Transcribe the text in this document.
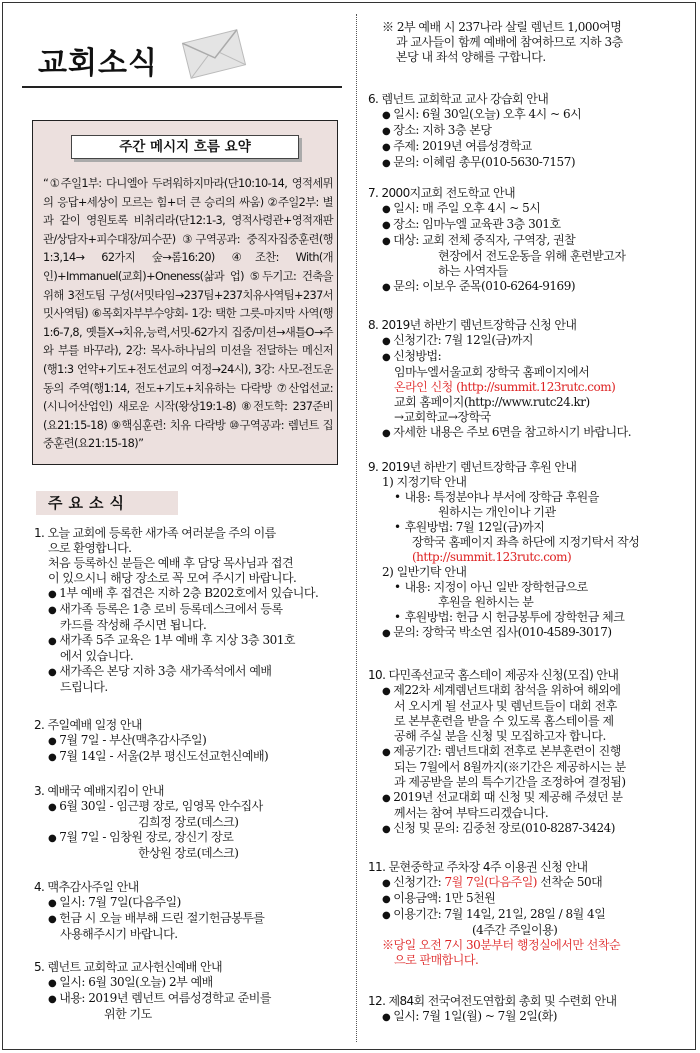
교회소식
주간 메시지 흐름 요약
“①주일1부: 다니엘아 두려워하지마라(단10:10-14, 영적세뮈의 응답+세상이 모르는 힘+더 큰 승리의 싸움) ②주일2부: 별과 같이 영원토록 비취리라(단12:1-3, 영적사령관+영적재판관/상담자+피수대장/피수꾼) ③구역공과: 중직자집중훈련(행1:3,14→ 62가지 숲→롬16:20) ④조찬: With(개인)+Immanuel(교회)+Oneness(삶과 업) ⑤두기고: 건축을 위해 3전도팀 구성(서밋타임→237팀+237치유사역팀+237서밋사역팀) ⑥목회자부부수양회- 1강: 택한 그릇-마지막 사역(행1:6-7,8, 옛틀X→치유,능력,서밋-62가지 집중/미션→새틀O→주와 부를 바꾸라), 2강: 목사-하나님의 미션을 전달하는 메신저(행1:3 언약+기도+전도선교의 여정→24시), 3강: 사모-전도운동의 주역(행1:14, 전도+기도+치유하는 다락방 ⑦산업선교: (시니어산업인) 새로운 시작(왕상19:1-8) ⑧전도학: 237준비(요21:15-18) ⑨핵심훈련: 치유 다락방 ⑩구역공과: 렘넌트 집중훈련(요21:15-18)”
주요소식
1. 오늘 교회에 등록한 새가족 여러분을 주의 이름
으로 환영합니다.
처음 등록하신 분들은 예배 후 담당 목사님과 접견
이 있으시니 해당 장소로 꼭 모여 주시기 바랍니다.
● 1부 예배 후 접견은 지하 2층 B202호에서 있습니다.
● 새가족 등록은 1층 로비 등록데스크에서 등록
카드를 작성해 주시면 됩니다.
● 새가족 5주 교육은 1부 예배 후 지상 3층 301호
에서 있습니다.
● 새가족은 본당 지하 3층 새가족석에서 예배
드립니다.
2. 주일예배 일정 안내
● 7월 7일 - 부산(맥추감사주일)
● 7월 14일 - 서울(2부 평신도선교헌신예배)
3. 예배국 예배지킴이 안내
● 6월 30일 - 임근평 장로, 임영목 안수집사
김희정 장로(데스크)
● 7월 7일 - 임창원 장로, 장신기 장로
한상원 장로(데스크)
4. 맥추감사주일 안내
● 일시: 7월 7일(다음주일)
● 헌금 시 오늘 배부해 드린 절기헌금봉투를
사용해주시기 바랍니다.
5. 렘넌트 교회학교 교사헌신예배 안내
● 일시: 6월 30일(오늘) 2부 예배
● 내용: 2019년 렘넌트 여름성경학교 준비를
위한 기도
※ 2부 예배 시 237나라 살릴 렘넌트 1,000여명
과 교사들이 함께 예배에 참여하므로 지하 3층
본당 내 좌석 양해를 구합니다.
6. 렘넌트 교회학교 교사 강습회 안내
● 일시: 6월 30일(오늘) 오후 4시 ~ 6시
● 장소: 지하 3층 본당
● 주제: 2019년 여름성경학교
● 문의: 이혜림 총무(010-5630-7157)
7. 2000지교회 전도학교 안내
● 일시: 매 주일 오후 4시 ~ 5시
● 장소: 임마누엘 교육관 3층 301호
● 대상: 교회 전체 중직자, 구역장, 권찰
현장에서 전도운동을 위해 훈련받고자
하는 사역자들
● 문의: 이보우 준목(010-6264-9169)
8. 2019년 하반기 렘넌트장학금 신청 안내
● 신청기간: 7월 12일(금)까지
● 신청방법:
임마누엘서울교회 장학국 홈페이지에서
온라인 신청 (http://summit.123rutc.com)
교회 홈페이지(http://www.rutc24.kr)
→교회학교→장학국
● 자세한 내용은 주보 6면을 참고하시기 바랍니다.
9. 2019년 하반기 렘넌트장학금 후원 안내
1) 지정기탁 안내
• 내용: 특정분야나 부서에 장학금 후원을
원하시는 개인이나 기관
• 후원방법: 7월 12일(금)까지
장학국 홈페이지 좌측 하단에 지정기탁서 작성
(http://summit.123rutc.com)
2) 일반기탁 안내
• 내용: 지정이 아닌 일반 장학헌금으로
후원을 원하시는 분
• 후원방법: 헌금 시 헌금봉투에 장학헌금 체크
● 문의: 장학국 박소연 집사(010-4589-3017)
10. 다민족선교국 홈스테이 제공자 신청(모집) 안내
● 제22차 세계렘넌트대회 참석을 위하여 해외에
서 오시게 될 선교사 및 렘넌트들이 대회 전후
로 본부훈련을 받을 수 있도록 홈스테이를 제
공해 주실 분을 신청 및 모집하고자 합니다.
● 제공기간: 렘넌트대회 전후로 본부훈련이 진행
되는 7월에서 8월까지(※기간은 제공하시는 분
과 제공받을 분의 특수기간을 조정하여 결정됨)
● 2019년 선교대회 때 신청 및 제공해 주셨던 분
께서는 참여 부탁드리겠습니다.
● 신청 및 문의: 김중천 장로(010-8287-3424)
11. 문현중학교 주차장 4주 이용권 신청 안내
● 신청기간: 7월 7일(다음주일) 선착순 50대
● 이용금액: 1만 5천원
● 이용기간: 7월 14일, 21일, 28일 / 8월 4일
(4주간 주일이용)
※당일 오전 7시 30분부터 행정실에서만 선착순
으로 판매합니다.
12. 제84회 전국여전도연합회 총회 및 수련회 안내
● 일시: 7월 1일(월) ~ 7월 2일(화)
